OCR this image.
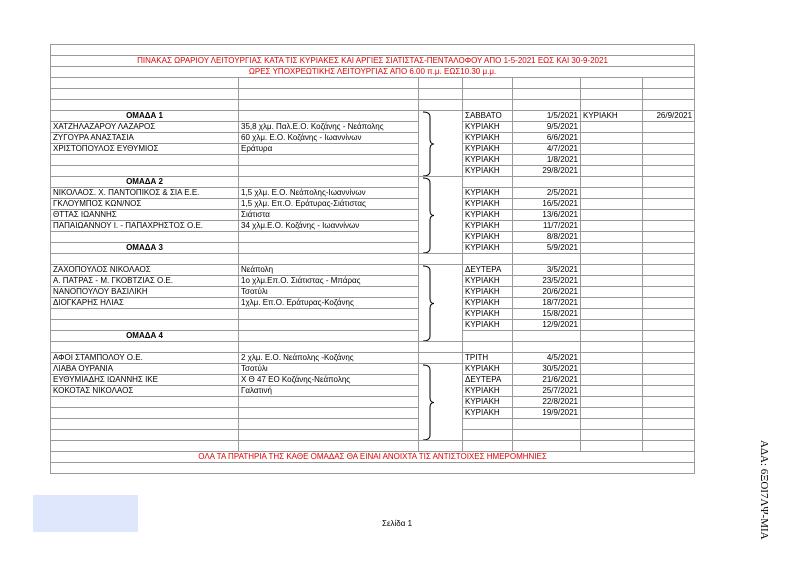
ΠΙΝΑΚΑΣ ΩΡΑΡΙΟΥ ΛΕΙΤΟΥΡΓΙΑΣ ΚΑΤΑ ΤΙΣ ΚΥΡΙΑΚΕΣ ΚΑΙ ΑΡΓΙΕΣ ΣΙΑΤΙΣΤΑΣ-ΠΕΝΤΑΛΟΦΟΥ ΑΠΟ 1-5-2021 ΕΩΣ ΚΑΙ 30-9-2021						
ΩΡΕΣ ΥΠΟΧΡΕΩΤΙΚΗΣ ΛΕΙΤΟΥΡΓΙΑΣ ΑΠΟ 6.00 π.μ. ΕΩΣ10.30 μ.μ.						

ΟΜΑΔΑ 1			ΣΑΒΒΑΤΟ	1/5/2021	ΚΥΡΙΑΚΗ	26/9/2021
ΧΑΤΖΗΛΑΖΑΡΟΥ ΛΑΖΑΡΟΣ	35,8 χλμ. Παλ.Ε.Ο. Κοζάνης - Νεάπολης		ΚΥΡΙΑΚΗ	9/5/2021		
ΖΥΓΟΥΡΑ ΑΝΑΣΤΑΣΙΑ	60 χλμ. Ε.Ο. Κοζάνης - Ιωαννίνων		ΚΥΡΙΑΚΗ	6/6/2021		
ΧΡΙΣΤΟΠΟΥΛΟΣ ΕΥΘΥΜΙΟΣ	Εράτυρα		ΚΥΡΙΑΚΗ	4/7/2021		
			ΚΥΡΙΑΚΗ	1/8/2021		
			ΚΥΡΙΑΚΗ	29/8/2021		
ΟΜΑΔΑ 2		

ΝΙΚΟΛΑΟΣ. Χ. ΠΑΝΤΟΠΙΚΟΣ & ΣΙΑ Ε.Ε.	1,5 χλμ. Ε.Ο. Νεάπολης-Ιωαννίνων		ΚΥΡΙΑΚΗ	2/5/2021		
ΓΚΛΟΥΜΠΟΣ ΚΩΝ/ΝΟΣ	1,5 χλμ. Επ.Ο. Εράτυρας-Σιάτιστας		ΚΥΡΙΑΚΗ	16/5/2021		
ΘΤΤΑΣ ΙΩΑΝΝΗΣ	Σιάτιστα		ΚΥΡΙΑΚΗ	13/6/2021		
ΠΑΠΑΙΩΑΝΝΟΥ Ι. - ΠΑΠΑΧΡΗΣΤΟΣ Ο.Ε.	34 χλμ.Ε.Ο. Κοζάνης - Ιωαννίνων		ΚΥΡΙΑΚΗ	11/7/2021		
			ΚΥΡΙΑΚΗ	8/8/2021		
ΟΜΑΔΑ 3			ΚΥΡΙΑΚΗ	5/9/2021		

ΖΑΧΟΠΟΥΛΟΣ ΝΙΚΟΛΑΟΣ	Νεάπολη		ΔΕΥΤΕΡΑ	3/5/2021		
Α. ΠΑΤΡΑΣ - Μ. ΓΚΟΒΤΖΙΑΣ Ο.Ε.	1ο χλμ.Επ.Ο. Σιάτιστας - Μπάρας		ΚΥΡΙΑΚΗ	23/5/2021		
ΝΑΝΟΠΟΥΛΟΥ ΒΑΣΙΛΙΚΗ	Τσοτύλι		ΚΥΡΙΑΚΗ	20/6/2021		
ΔΙΟΓΚΑΡΗΣ ΗΛΙΑΣ	1χλμ. Επ.Ο. Εράτυρας-Κοζάνης		ΚΥΡΙΑΚΗ	18/7/2021		
			ΚΥΡΙΑΚΗ	15/8/2021		
			ΚΥΡΙΑΚΗ	12/9/2021		
ΟΜΑΔΑ 4						

ΑΦΟΙ ΣΤΑΜΠΟΛΟΥ Ο.Ε.	2 χλμ. Ε.Ο. Νεάπολης -Κοζάνης		ΤΡΙΤΗ	4/5/2021		
ΛΙΑΒΑ ΟΥΡΑΝΙΑ	Τσοτύλι		ΚΥΡΙΑΚΗ	30/5/2021		
ΕΥΘΥΜΙΑΔΗΣ ΙΩΑΝΝΗΣ ΙΚΕ	Χ Θ 47 ΕΟ Κοζάνης-Νεάπολης		ΔΕΥΤΕΡΑ	21/6/2021		
ΚΟΚΟΤΑΣ ΝΙΚΟΛΑΟΣ	Γαλατινή		ΚΥΡΙΑΚΗ	25/7/2021		
			ΚΥΡΙΑΚΗ	22/8/2021		
			ΚΥΡΙΑΚΗ	19/9/2021		

ΟΛΑ ΤΑ ΠΡΑΤΗΡΙΑ ΤΗΣ ΚΑΘΕ ΟΜΑΔΑΣ ΘΑ ΕΙΝΑΙ ΑΝΟΙΧΤΑ ΤΙΣ ΑΝΤΙΣΤΟΙΧΕΣ ΗΜΕΡΟΜΗΝΙΕΣ						

Σελίδα 1	ΑΔΑ: 6ΞΟΙ7ΛΨ-ΜΙΑ
